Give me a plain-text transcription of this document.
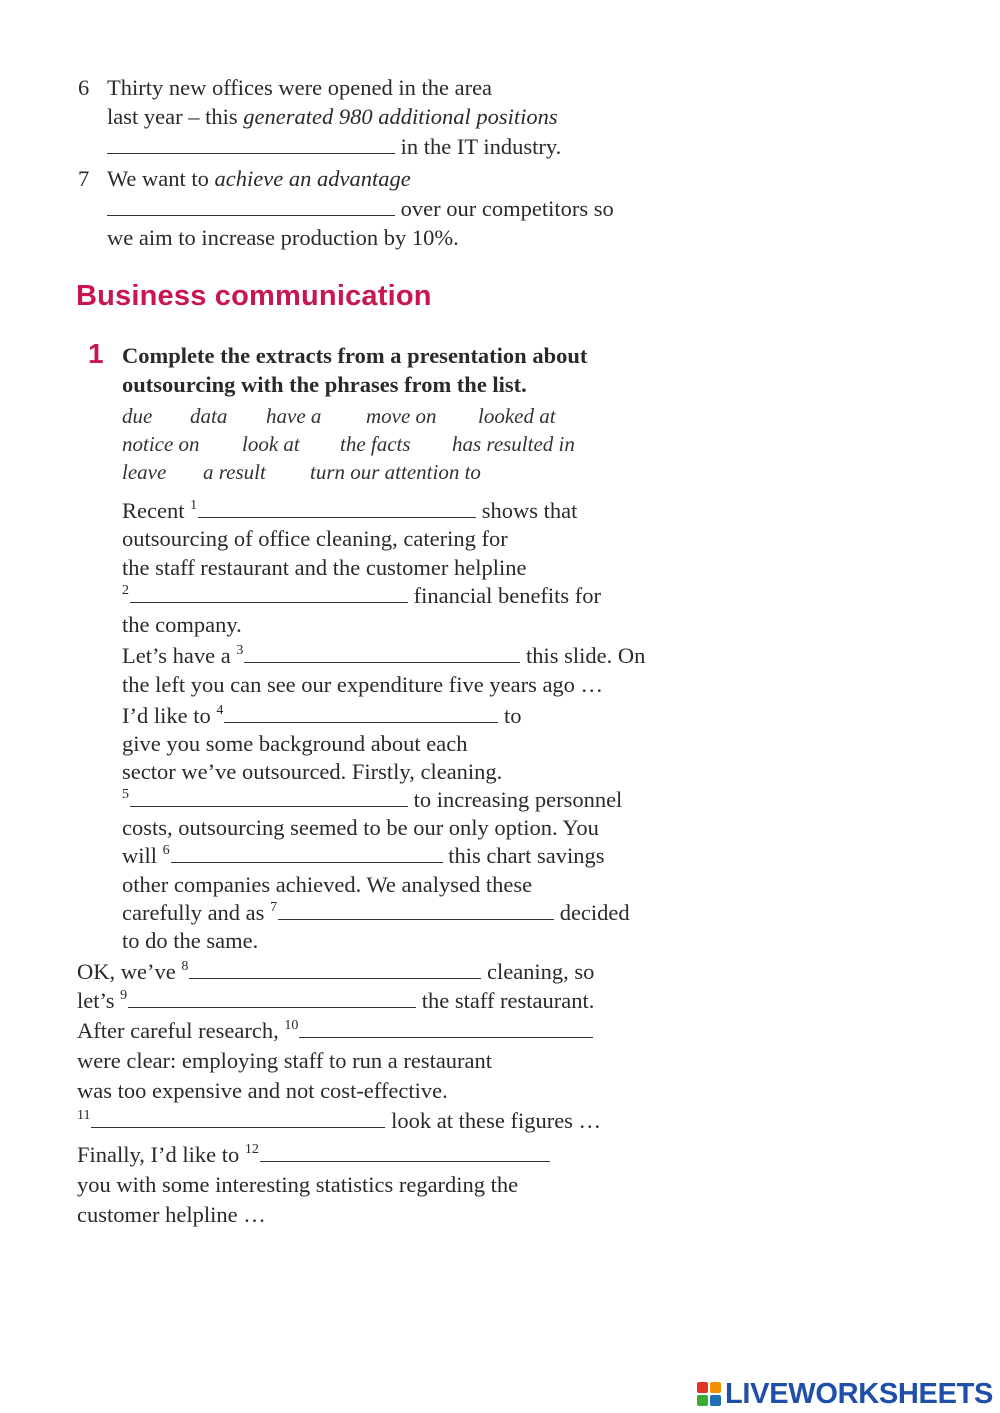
6 Thirty new offices were opened in the area
last year – this generated 980 additional positions
in the IT industry.
7 We want to achieve an advantage
over our competitors so
we aim to increase production by 10%.
Business communication
1 Complete the extracts from a presentation about
outsourcing with the phrases from the list.
due data have a move on looked at
notice on look at the facts has resulted in
leave a result turn our attention to
Recent $^1$	shows that
outsourcing of office cleaning, catering for
the staff restaurant and the customer helpline
$^2$	financial benefits for
the company.
Let’s have a $^3$	this slide. On
the left you can see our expenditure five years ago …
I’d like to $^4$	to
give you some background about each
sector we’ve outsourced. Firstly, cleaning.
$^5$	to increasing personnel
costs, outsourcing seemed to be our only option. You
will $^6$	this chart savings
other companies achieved. We analysed these
carefully and as $^7$	decided
to do the same.
OK, we’ve $^8$	cleaning, so
let’s $^9$	the staff restaurant.
After careful research, $^{10}$
were clear: employing staff to run a restaurant
was too expensive and not cost-effective.
$^{11}$	look at these figures …
Finally, I’d like to $^{12}$
you with some interesting statistics regarding the
customer helpline …
LIVEWORKSHEETS
